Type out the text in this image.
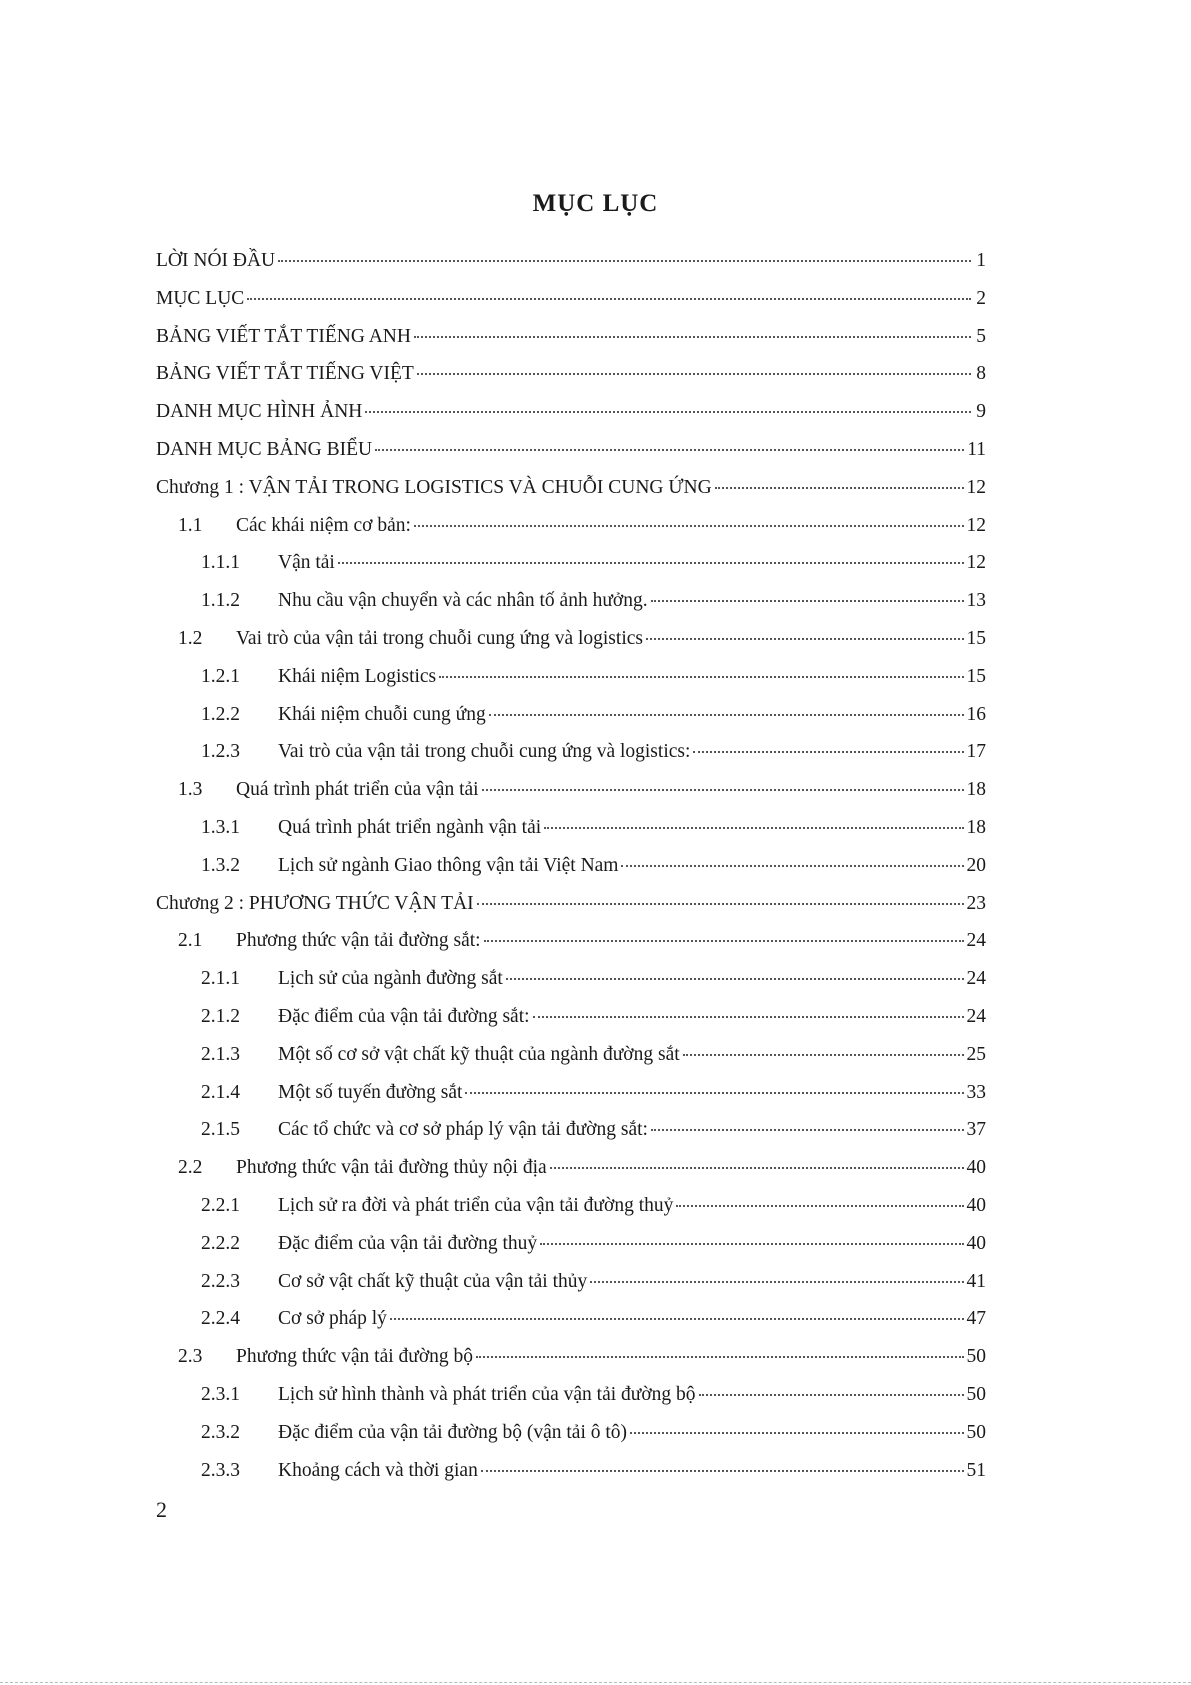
MỤC LỤC
LỜI NÓI ĐẦU	1
MỤC LỤC	2
BẢNG VIẾT TẮT TIẾNG ANH	5
BẢNG VIẾT TẮT TIẾNG VIỆT	8
DANH MỤC HÌNH ẢNH	9
DANH MỤC BẢNG BIỂU	11
Chương 1 : VẬN TẢI TRONG LOGISTICS VÀ CHUỖI CUNG ỨNG	12
1.1	Các khái niệm cơ bản:	12
1.1.1	Vận tải	12
1.1.2	Nhu cầu vận chuyển và các nhân tố ảnh hưởng.	13
1.2	Vai trò của vận tải trong chuỗi cung ứng và logistics	15
1.2.1	Khái niệm Logistics	15
1.2.2	Khái niệm chuỗi cung ứng	16
1.2.3	Vai trò của vận tải trong chuỗi cung ứng và logistics:	17
1.3	Quá trình phát triển của vận tải	18
1.3.1	Quá trình phát triển ngành vận tải	18
1.3.2	Lịch sử ngành Giao thông vận tải Việt Nam	20
Chương 2 : PHƯƠNG THỨC VẬN TẢI	23
2.1	Phương thức vận tải đường sắt:	24
2.1.1	Lịch sử của ngành đường sắt	24
2.1.2	Đặc điểm của vận tải đường sắt:	24
2.1.3	Một số cơ sở vật chất kỹ thuật của ngành đường sắt	25
2.1.4	Một số tuyến đường sắt	33
2.1.5	Các tổ chức và cơ sở pháp lý vận tải đường sắt:	37
2.2	Phương thức vận tải đường thủy nội địa	40
2.2.1	Lịch sử ra đời và phát triển của vận tải đường thuỷ	40
2.2.2	Đặc điểm của vận tải đường thuỷ	40
2.2.3	Cơ sở vật chất kỹ thuật của vận tải thủy	41
2.2.4	Cơ sở pháp lý	47
2.3	Phương thức vận tải đường bộ	50
2.3.1	Lịch sử hình thành và phát triển của vận tải đường bộ	50
2.3.2	Đặc điểm của vận tải đường bộ (vận tải ô tô)	50
2.3.3	Khoảng cách và thời gian	51
2
